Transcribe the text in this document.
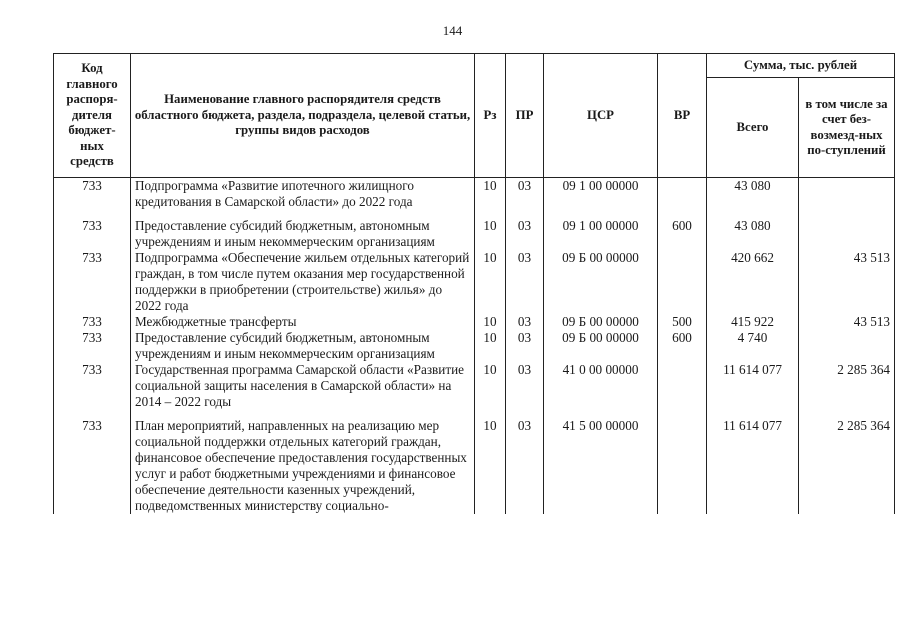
144
Код главного распоря-дителя бюджет-ных средств	Наименование главного распорядителя средств областного бюджета, раздела, подраздела, целевой статьи, группы видов расходов	Рз	ПР	ЦСР	ВР	Сумма, тыс. рублей	
						Всего	в том числе за счет без-возмезд-ных по-ступлений
733	Подпрограмма «Развитие ипотечного жилищного кредитования в Самарской области» до 2022 года	10	03	09 1 00 00000		43 080	
733	Предоставление субсидий бюджетным, автономным учреждениям и иным некоммерческим организациям	10	03	09 1 00 00000	600	43 080	
733	Подпрограмма «Обеспечение жильем отдельных категорий граждан, в том числе путем оказания мер государственной поддержки в приобретении (строительстве) жилья» до 2022 года	10	03	09 Б 00 00000		420 662	43 513
733	Межбюджетные трансферты	10	03	09 Б 00 00000	500	415 922	43 513
733	Предоставление субсидий бюджетным, автономным учреждениям и иным некоммерческим организациям	10	03	09 Б 00 00000	600	4 740	
733	Государственная программа Самарской области «Развитие социальной защиты населения в Самарской области» на 2014 – 2022 годы	10	03	41 0 00 00000		11 614 077	2 285 364
733	План мероприятий, направленных на реализацию мер социальной поддержки отдельных категорий граждан, финансовое обеспечение предоставления государственных услуг и работ бюджетными учреждениями и финансовое обеспечение деятельности казенных учреждений, подведомственных министерству социально-	10	03	41 5 00 00000		11 614 077	2 285 364
